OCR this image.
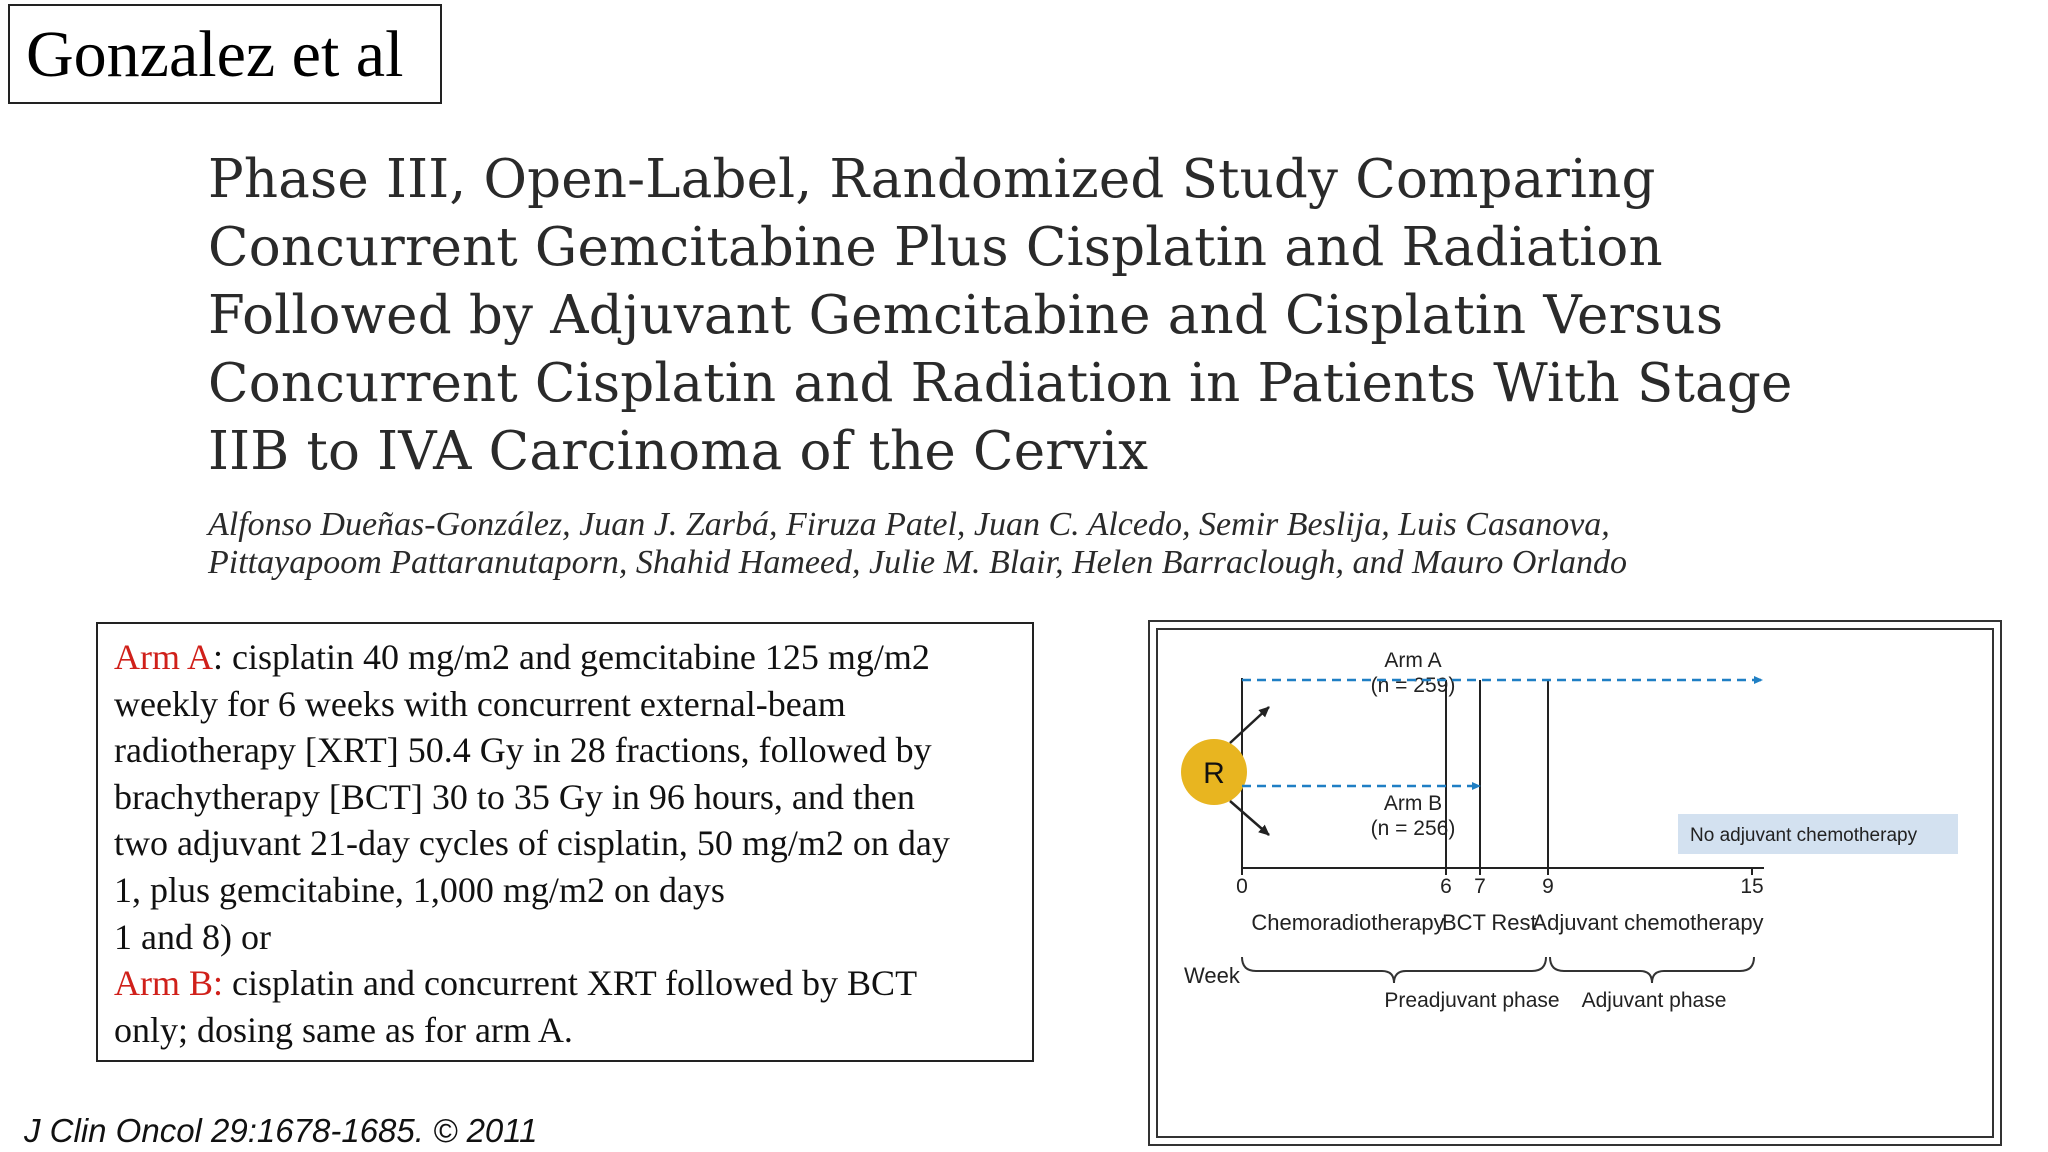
Gonzalez et al
Phase III, Open-Label, Randomized Study Comparing
Concurrent Gemcitabine Plus Cisplatin and Radiation
Followed by Adjuvant Gemcitabine and Cisplatin Versus
Concurrent Cisplatin and Radiation in Patients With Stage
IIB to IVA Carcinoma of the Cervix
Alfonso Dueñas-González, Juan J. Zarbá, Firuza Patel, Juan C. Alcedo, Semir Beslija, Luis Casanova,
Pittayapoom Pattaranutaporn, Shahid Hameed, Julie M. Blair, Helen Barraclough, and Mauro Orlando
Arm A: cisplatin 40 mg/m2 and gemcitabine 125 mg/m2
weekly for 6 weeks with concurrent external-beam
radiotherapy [XRT] 50.4 Gy in 28 fractions, followed by
brachytherapy [BCT] 30 to 35 Gy in 96 hours, and then
two adjuvant 21-day cycles of cisplatin, 50 mg/m2 on day
1, plus gemcitabine, 1,000 mg/m2 on days
1 and 8) or
Arm B: cisplatin and concurrent XRT followed by BCT
only; dosing same as for arm A.
J Clin Oncol 29:1678-1685. © 2011
R
Arm A
(n = 259)
Arm B
(n = 256)	No adjuvant chemotherapy
0	6 7	9	15
Chemoradiotherapy
BCT Rest
Adjuvant chemotherapy
Preadjuvant phase Adjuvant phase
Week
